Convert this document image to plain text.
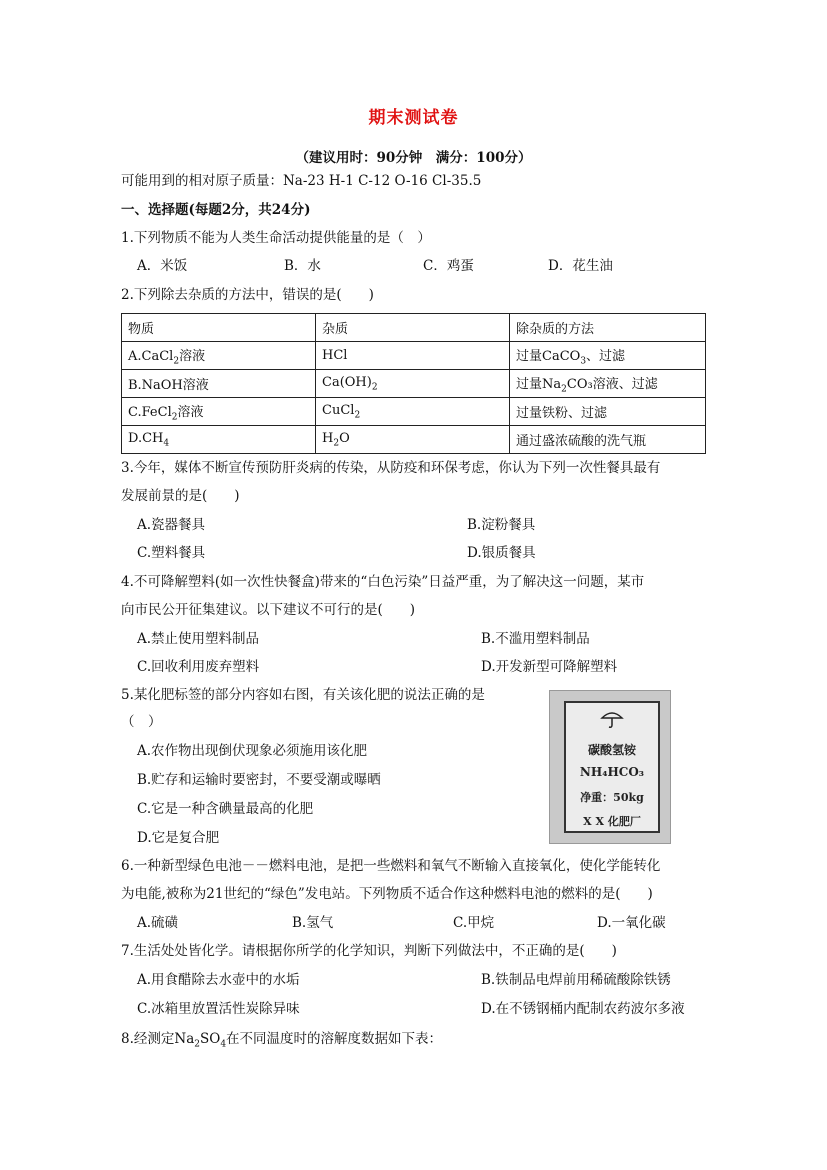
期末测试卷
（建议用时：90分钟　满分：100分）
可能用到的相对原子质量：Na-23 H-1 C-12 O-16 Cl-35.5
一、选择题(每题2分，共24分)
1.下列物质不能为人类生命活动提供能量的是（　）
A．米饭	B．水	C．鸡蛋	D．花生油
2.下列除去杂质的方法中，错误的是(　　)
物质	杂质	除杂质的方法
A.CaCl$_2$溶液	HCl	过量CaCO$_3$、过滤
B.NaOH溶液	$Ca(OH)_2$	过量$Na_2CO_3$溶液、过滤
C.FeCl$_2$溶液	CuCl$_2$	过量铁粉、过滤
$D.CH_4$	$H_2O$	通过盛浓硫酸的洗气瓶
3.今年，媒体不断宣传预防肝炎病的传染，从防疫和环保考虑，你认为下列一次性餐具最有
发展前景的是(　　)
A.瓷器餐具	B.淀粉餐具
C.塑料餐具	D.银质餐具
4.不可降解塑料(如一次性快餐盒)带来的“白色污染”日益严重，为了解决这一问题，某市
向市民公开征集建议。以下建议不可行的是(　　)
A.禁止使用塑料制品	B.不滥用塑料制品
C.回收利用废弃塑料	D.开发新型可降解塑料
5.某化肥标签的部分内容如右图，有关该化肥的说法正确的是
（　）
A.农作物出现倒伏现象必须施用该化肥
B.贮存和运输时要密封，不要受潮或曝晒
C.它是一种含碘量最高的化肥
D.它是复合肥
碳酸氢铵
NH₄HCO₃
净重：50kg
X X 化肥厂
6.一种新型绿色电池－－燃料电池，是把一些燃料和氧气不断输入直接氧化，使化学能转化
为电能,被称为21世纪的“绿色”发电站。下列物质不适合作这种燃料电池的燃料的是(　　)
A.硫磺	B.氢气	C.甲烷	D.一氧化碳
7.生活处处皆化学。请根据你所学的化学知识，判断下列做法中，不正确的是(　　)
A.用食醋除去水壶中的水垢	B.铁制品电焊前用稀硫酸除铁锈
C.冰箱里放置活性炭除异味	D.在不锈钢桶内配制农药波尔多液
8.经测定$Na_2SO_4$在不同温度时的溶解度数据如下表：
